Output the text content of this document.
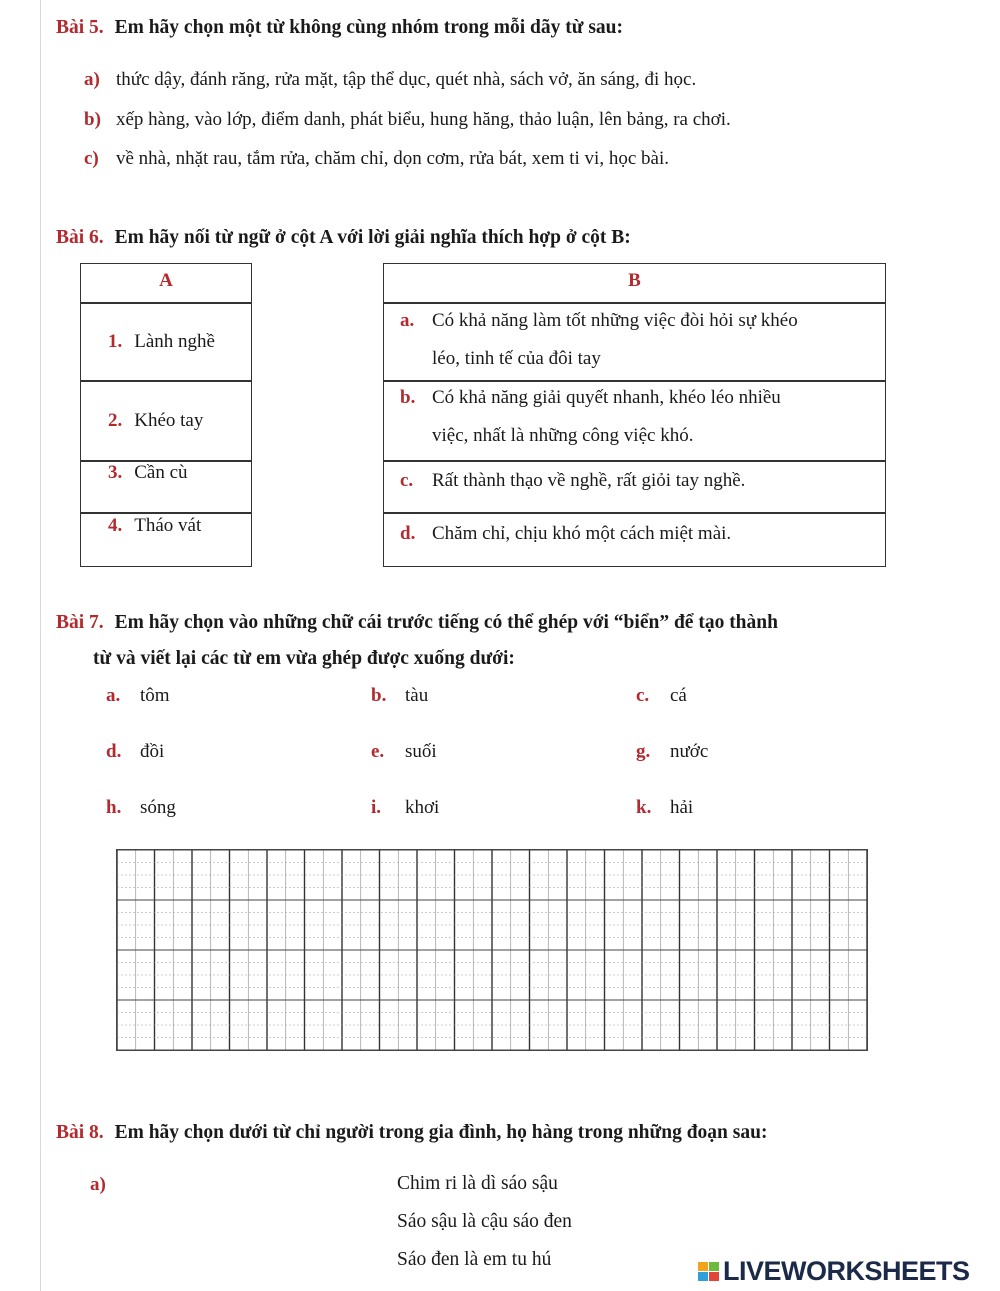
Bài 5. Em hãy chọn một từ không cùng nhóm trong mỗi dãy từ sau:
a) thức dậy, đánh răng, rửa mặt, tập thể dục, quét nhà, sách vở, ăn sáng, đi học.
b) xếp hàng, vào lớp, điểm danh, phát biểu, hung hăng, thảo luận, lên bảng, ra chơi.
c) về nhà, nhặt rau, tắm rửa, chăm chỉ, dọn cơm, rửa bát, xem ti vi, học bài.
Bài 6. Em hãy nối từ ngữ ở cột A với lời giải nghĩa thích hợp ở cột B:
A
1. Lành nghề
2. Khéo tay
3. Cần cù
4. Tháo vát
B
a. Có khả năng làm tốt những việc đòi hỏi sự khéo
léo, tinh tế của đôi tay
b. Có khả năng giải quyết nhanh, khéo léo nhiều
việc, nhất là những công việc khó.
c. Rất thành thạo về nghề, rất giỏi tay nghề.
d. Chăm chỉ, chịu khó một cách miệt mài.
Bài 7. Em hãy chọn vào những chữ cái trước tiếng có thể ghép với “biển” để tạo thành
từ và viết lại các từ em vừa ghép được xuống dưới:
a. tôm	b. tàu	c. cá
d. đồi	e. suối	g. nước
h. sóng	i. khơi	k. hải
Bài 8. Em hãy chọn dưới từ chỉ người trong gia đình, họ hàng trong những đoạn sau:
a)	Chim ri là dì sáo sậu
Sáo sậu là cậu sáo đen
Sáo đen là em tu hú	LIVEWORKSHEETS
